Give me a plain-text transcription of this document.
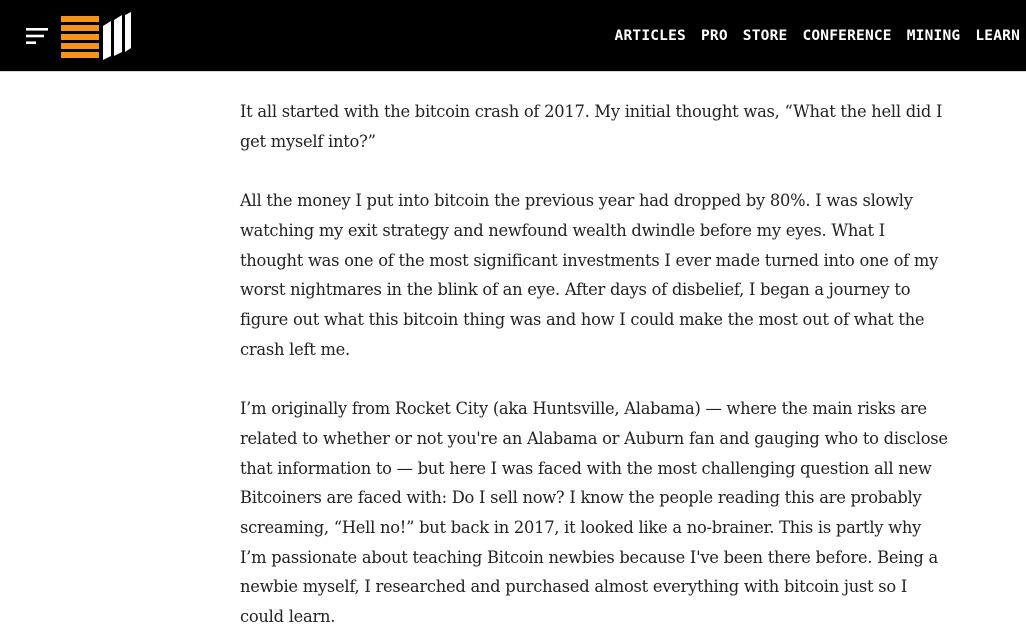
ARTICLES PRO STORE CONFERENCE MINING LEARN

It all started with the bitcoin crash of 2017. My initial thought was, “What the hell did I get myself into?”

All the money I put into bitcoin the previous year had dropped by 80%. I was slowly watching my exit strategy and newfound wealth dwindle before my eyes. What I thought was one of the most significant investments I ever made turned into one of my worst nightmares in the blink of an eye. After days of disbelief, I began a journey to figure out what this bitcoin thing was and how I could make the most out of what the crash left me.

I’m originally from Rocket City (aka Huntsville, Alabama) — where the main risks are related to whether or not you're an Alabama or Auburn fan and gauging who to disclose that information to — but here I was faced with the most challenging question all new Bitcoiners are faced with: Do I sell now? I know the people reading this are probably screaming, “Hell no!” but back in 2017, it looked like a no-brainer. This is partly why I’m passionate about teaching Bitcoin newbies because I've been there before. Being a newbie myself, I researched and purchased almost everything with bitcoin just so I could learn.
